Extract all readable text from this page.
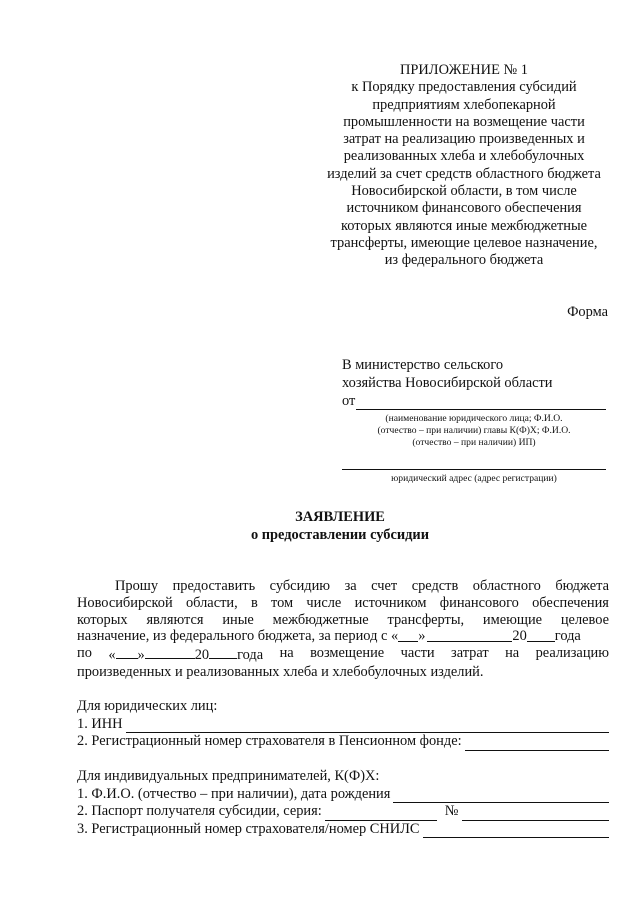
ПРИЛОЖЕНИЕ № 1
к Порядку предоставления субсидий
предприятиям хлебопекарной
промышленности на возмещение части
затрат на реализацию произведенных и
реализованных хлеба и хлебобулочных
изделий за счет средств областного бюджета
Новосибирской области, в том числе
источником финансового обеспечения
которых являются иные межбюджетные
трансферты, имеющие целевое назначение,
из федерального бюджета
Форма
В министерство сельского
хозяйства Новосибирской области
от
(наименование юридического лица; Ф.И.О.
(отчество – при наличии) главы К(Ф)Х; Ф.И.О.
(отчество – при наличии) ИП)
юридический адрес (адрес регистрации)
ЗАЯВЛЕНИЕ
о предоставлении субсидии
Прошу предоставить субсидию за счет средств областного бюджета
Новосибирской области, в том числе источником финансового обеспечения
которых являются иные межбюджетные трансферты, имеющие целевое
назначение, из федерального бюджета, за период с « »	20 года
по « »	20 года на возмещение части затрат на реализацию
произведенных и реализованных хлеба и хлебобулочных изделий.
Для юридических лиц:
1. ИНН
2. Регистрационный номер страхователя в Пенсионном фонде:
Для индивидуальных предпринимателей, К(Ф)Х:
1. Ф.И.О. (отчество – при наличии), дата рождения
2. Паспорт получателя субсидии, серия:	№
3. Регистрационный номер страхователя/номер СНИЛС
